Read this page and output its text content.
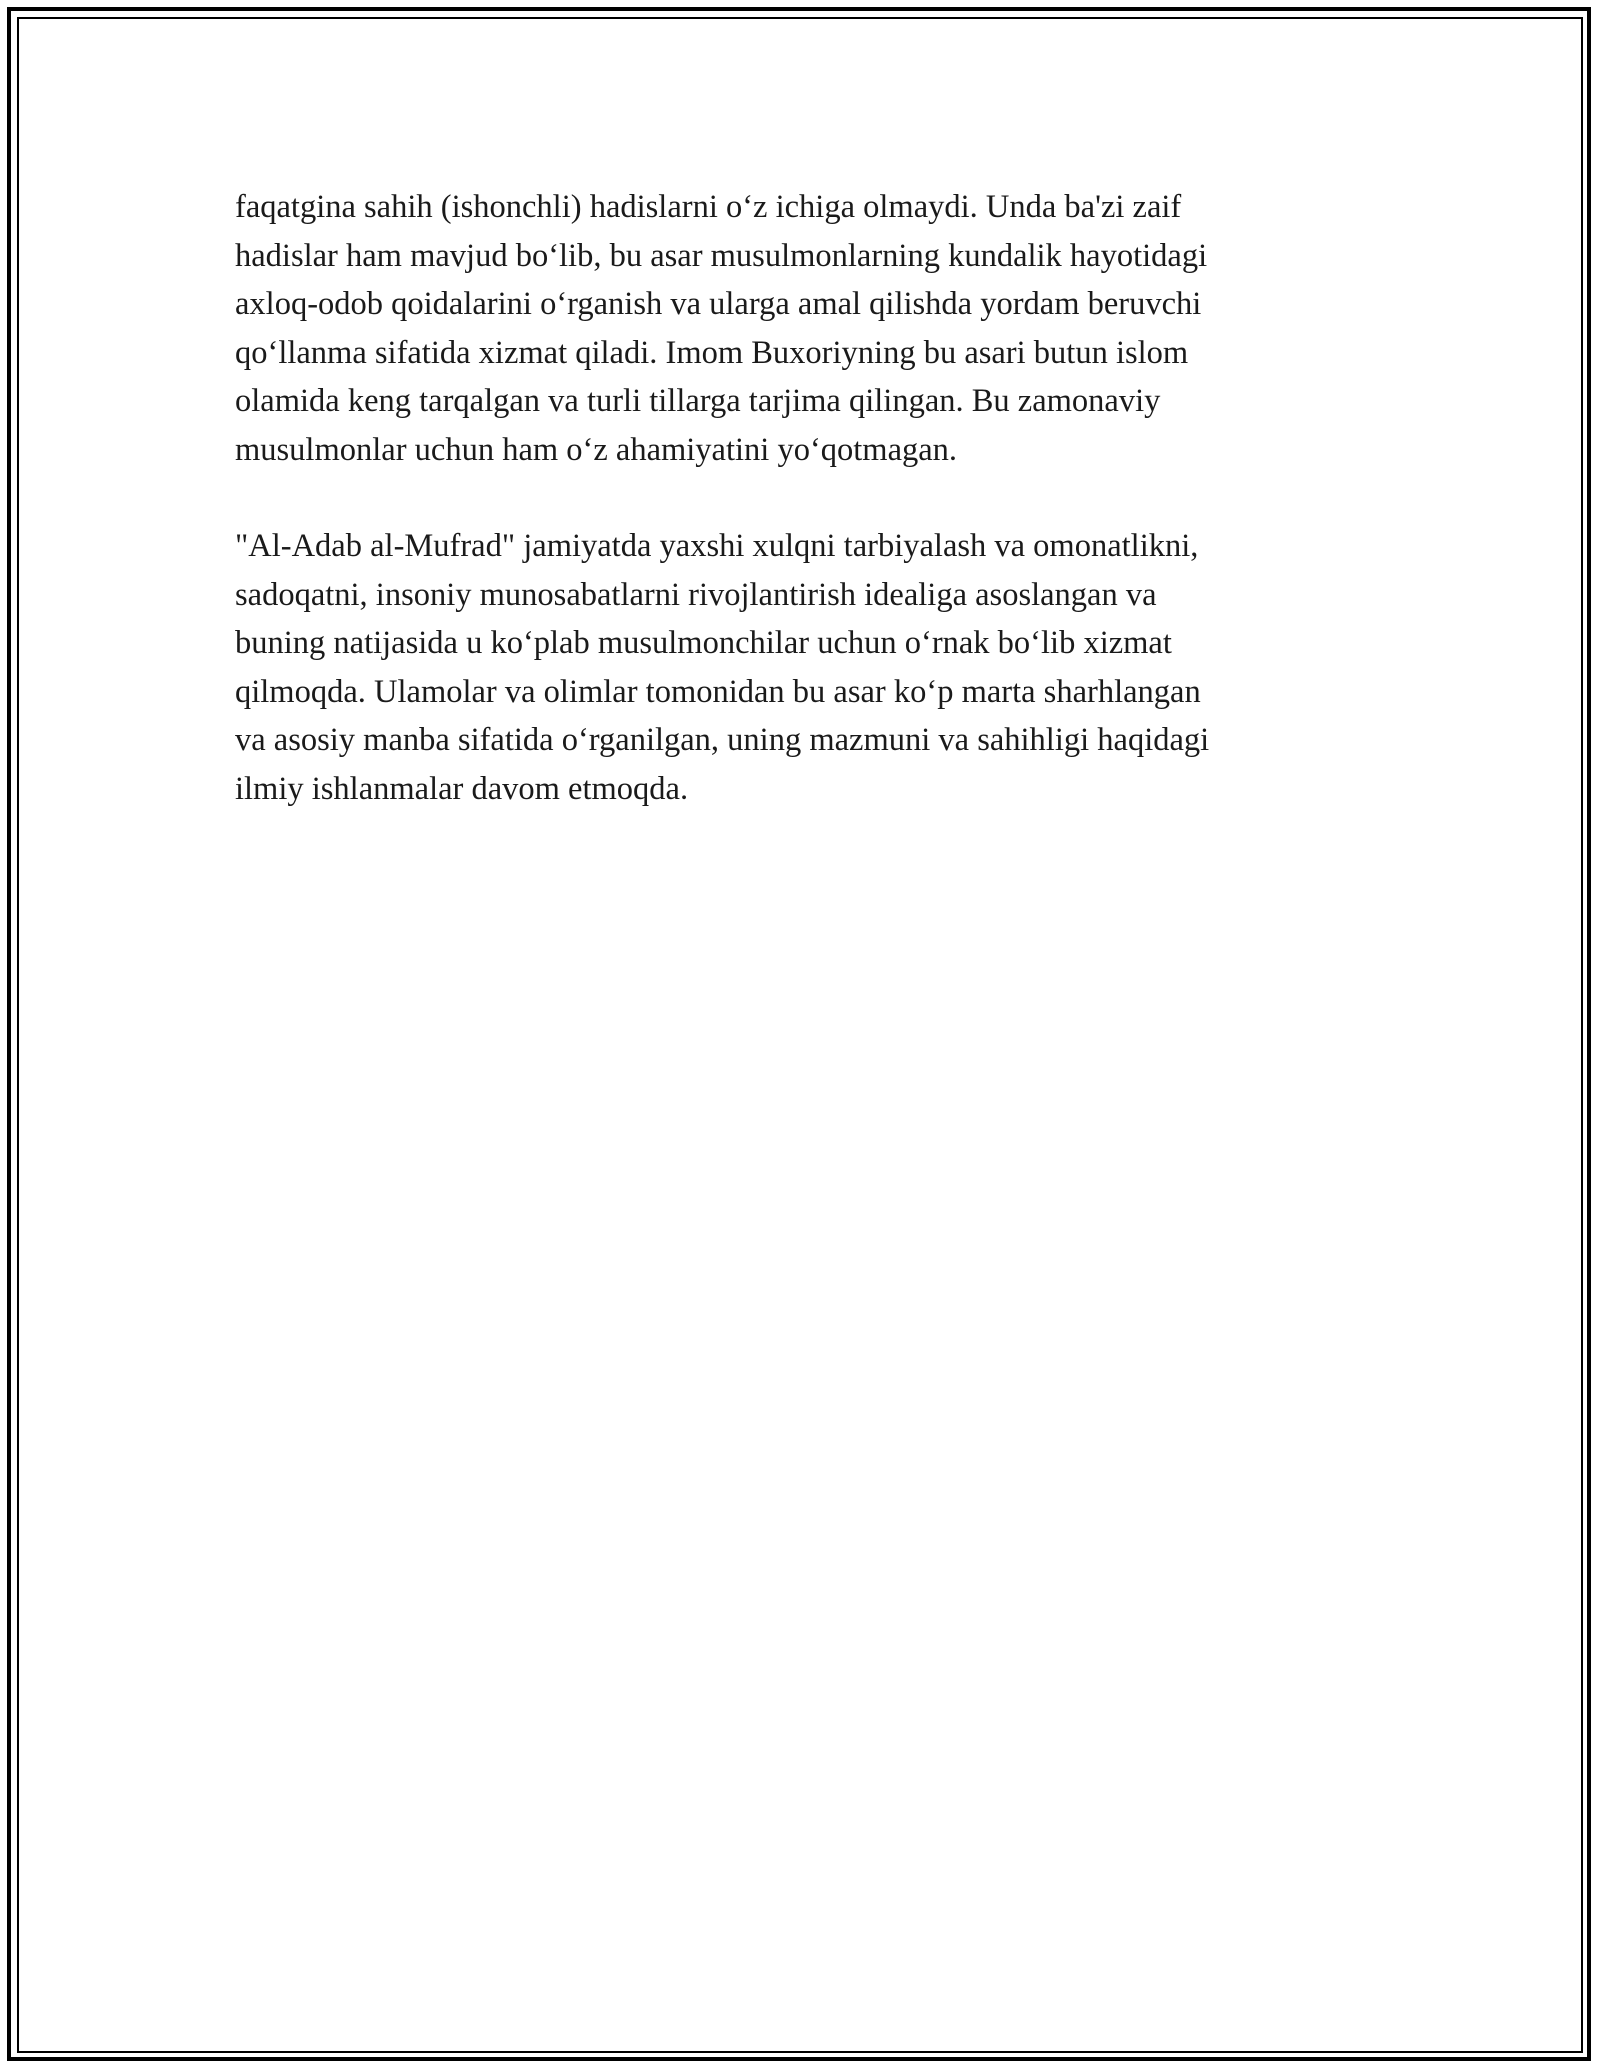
faqatgina sahih (ishonchli) hadislarni o‘z ichiga olmaydi. Unda ba'zi zaif
hadislar ham mavjud bo‘lib, bu asar musulmonlarning kundalik hayotidagi
axloq-odob qoidalarini o‘rganish va ularga amal qilishda yordam beruvchi
qo‘llanma sifatida xizmat qiladi. Imom Buxoriyning bu asari butun islom
olamida keng tarqalgan va turli tillarga tarjima qilingan. Bu zamonaviy
musulmonlar uchun ham o‘z ahamiyatini yo‘qotmagan.

"Al-Adab al-Mufrad" jamiyatda yaxshi xulqni tarbiyalash va omonatlikni,
sadoqatni, insoniy munosabatlarni rivojlantirish idealiga asoslangan va
buning natijasida u ko‘plab musulmonchilar uchun o‘rnak bo‘lib xizmat
qilmoqda. Ulamolar va olimlar tomonidan bu asar ko‘p marta sharhlangan
va asosiy manba sifatida o‘rganilgan, uning mazmuni va sahihligi haqidagi
ilmiy ishlanmalar davom etmoqda.
